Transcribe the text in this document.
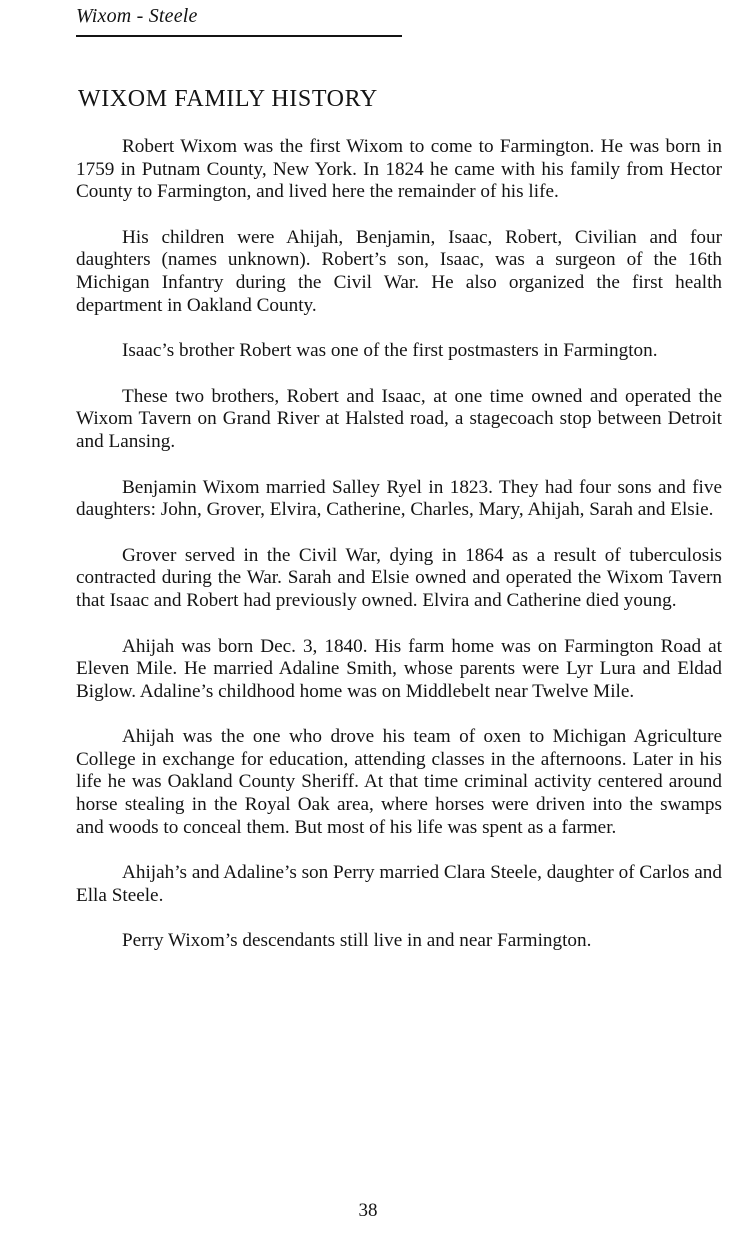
Wixom - Steele
WIXOM FAMILY HISTORY

Robert Wixom was the first Wixom to come to Farmington. He was born in 1759 in Putnam County, New York. In 1824 he came with his family from Hector County to Farmington, and lived here the remainder of his life.

His children were Ahijah, Benjamin, Isaac, Robert, Civilian and four daughters (names unknown). Robert’s son, Isaac, was a surgeon of the 16th Michigan Infantry during the Civil War. He also organized the first health department in Oakland County.

Isaac’s brother Robert was one of the first postmasters in Farmington.

These two brothers, Robert and Isaac, at one time owned and operated the Wixom Tavern on Grand River at Halsted road, a stagecoach stop between Detroit and Lansing.

Benjamin Wixom married Salley Ryel in 1823. They had four sons and five daughters: John, Grover, Elvira, Catherine, Charles, Mary, Ahijah, Sarah and Elsie.

Grover served in the Civil War, dying in 1864 as a result of tuberculosis contracted during the War. Sarah and Elsie owned and operated the Wixom Tavern that Isaac and Robert had previously owned. Elvira and Catherine died young.

Ahijah was born Dec. 3, 1840. His farm home was on Farmington Road at Eleven Mile. He married Adaline Smith, whose parents were Lyr Lura and Eldad Biglow. Adaline’s childhood home was on Middlebelt near Twelve Mile.

Ahijah was the one who drove his team of oxen to Michigan Agriculture College in exchange for education, attending classes in the afternoons. Later in his life he was Oakland County Sheriff. At that time criminal activity centered around horse stealing in the Royal Oak area, where horses were driven into the swamps and woods to conceal them. But most of his life was spent as a farmer.

Ahijah’s and Adaline’s son Perry married Clara Steele, daughter of Carlos and Ella Steele.

Perry Wixom’s descendants still live in and near Farmington.

38
